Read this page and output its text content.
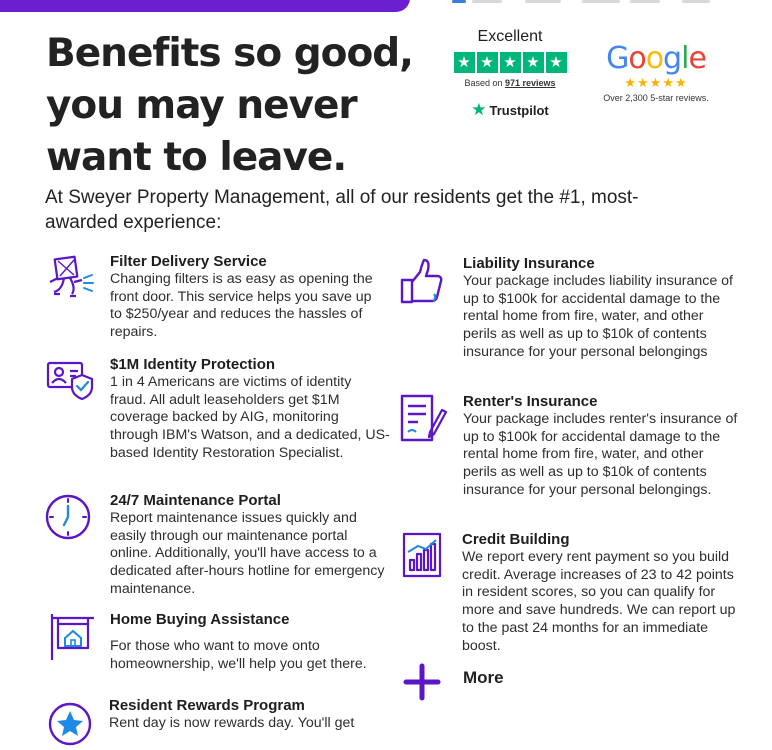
Benefits so good,
you may never
want to leave.
Excellent
★ ★ ★ ★ ★
Based on 971 reviews
★ Trustpilot
Google
★★★★★
Over 2,300 5-star reviews.
At Sweyer Property Management, all of our residents get the #1, most-awarded experience:
Filter Delivery Service
Changing filters is as easy as opening the front door. This service helps you save up to $250/year and reduces the hassles of repairs.
$1M Identity Protection
1 in 4 Americans are victims of identity fraud. All adult leaseholders get $1M coverage backed by AIG, monitoring through IBM's Watson, and a dedicated, US-based Identity Restoration Specialist.
24/7 Maintenance Portal
Report maintenance issues quickly and easily through our maintenance portal online. Additionally, you'll have access to a dedicated after-hours hotline for emergency maintenance.
Home Buying Assistance
For those who want to move onto homeownership, we'll help you get there.
Resident Rewards Program
Rent day is now rewards day. You'll get
Liability Insurance
Your package includes liability insurance of up to $100k for accidental damage to the rental home from fire, water, and other perils as well as up to $10k of contents insurance for your personal belongings
Renter's Insurance
Your package includes renter's insurance of up to $100k for accidental damage to the rental home from fire, water, and other perils as well as up to $10k of contents insurance for your personal belongings.
Credit Building
We report every rent payment so you build credit. Average increases of 23 to 42 points in resident scores, so you can qualify for more and save hundreds. We can report up to the past 24 months for an immediate boost.
More
